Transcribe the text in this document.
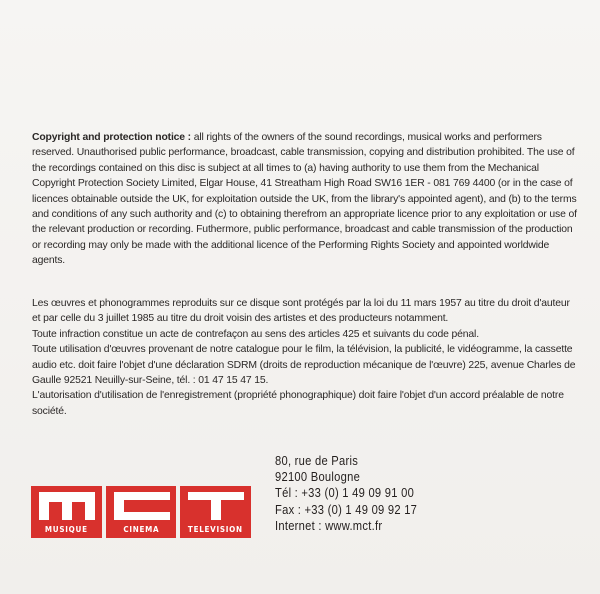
Copyright and protection notice : all rights of the owners of the sound recordings, musical works and performers reserved. Unauthorised public performance, broadcast, cable transmission, copying and distribution prohibited. The use of the recordings contained on this disc is subject at all times to (a) having authority to use them from the Mechanical Copyright Protection Society Limited, Elgar House, 41 Streatham High Road SW16 1ER - 081 769 4400 (or in the case of licences obtainable outside the UK, for exploitation outside the UK, from the library's appointed agent), and (b) to the terms and conditions of any such authority and (c) to obtaining therefrom an appropriate licence prior to any exploitation or use of the relevant production or recording. Futhermore, public performance, broadcast and cable transmission of the production or recording may only be made with the additional licence of the Performing Rights Society and appointed worldwide agents.

Les œuvres et phonogrammes reproduits sur ce disque sont protégés par la loi du 11 mars 1957 au titre du droit d'auteur et par celle du 3 juillet 1985 au titre du droit voisin des artistes et des producteurs notamment.

Toute infraction constitue un acte de contrefaçon au sens des articles 425 et suivants du code pénal.

Toute utilisation d'œuvres provenant de notre catalogue pour le film, la télévision, la publicité, le vidéogramme, la cassette audio etc. doit faire l'objet d'une déclaration SDRM (droits de reproduction mécanique de l'œuvre) 225, avenue Charles de Gaulle 92521 Neuilly-sur-Seine, tél. : 01 47 15 47 15.

L'autorisation d'utilisation de l'enregistrement (propriété phonographique) doit faire l'objet d'un accord préalable de notre société.

MUSIQUE	CINEMA	TELEVISION
80, rue de Paris
92100 Boulogne
Tél : +33 (0) 1 49 09 91 00
Fax : +33 (0) 1 49 09 92 17
Internet : www.mct.fr
